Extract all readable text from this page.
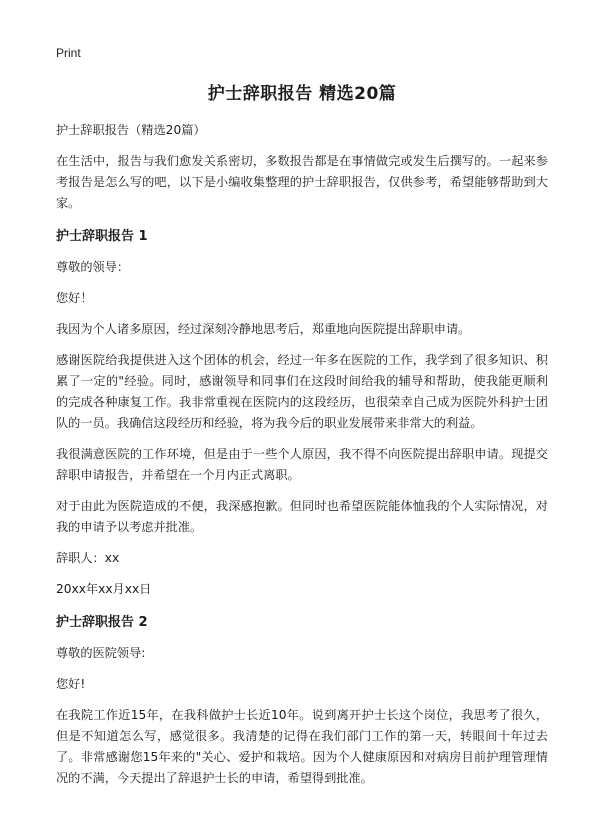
Print

护士辞职报告 精选20篇

护士辞职报告（精选20篇）

在生活中，报告与我们愈发关系密切，多数报告都是在事情做完或发生后撰写的。一起来参考报告是怎么写的吧，以下是小编收集整理的护士辞职报告，仅供参考，希望能够帮助到大家。

护士辞职报告 1

尊敬的领导：

您好！

我因为个人诸多原因，经过深刻冷静地思考后，郑重地向医院提出辞职申请。

感谢医院给我提供进入这个团体的机会，经过一年多在医院的工作，我学到了很多知识、积累了一定的"经验。同时，感谢领导和同事们在这段时间给我的辅导和帮助，使我能更顺利的完成各种康复工作。我非常重视在医院内的这段经历，也很荣幸自己成为医院外科护士团队的一员。我确信这段经历和经验，将为我今后的职业发展带来非常大的利益。

我很满意医院的工作环境，但是由于一些个人原因，我不得不向医院提出辞职申请。现提交辞职申请报告，并希望在一个月内正式离职。

对于由此为医院造成的不便，我深感抱歉。但同时也希望医院能体恤我的个人实际情况，对我的申请予以考虑并批准。

辞职人：xx

20xx年xx月xx日

护士辞职报告 2

尊敬的医院领导:

您好!

在我院工作近15年，在我科做护士长近10年。说到离开护士长这个岗位，我思考了很久，但是不知道怎么写，感觉很多。我清楚的记得在我们部门工作的第一天，转眼间十年过去了。非常感谢您15年来的"关心、爱护和栽培。因为个人健康原因和对病房目前护理管理情况的不满，今天提出了辞退护士长的申请，希望得到批准。
